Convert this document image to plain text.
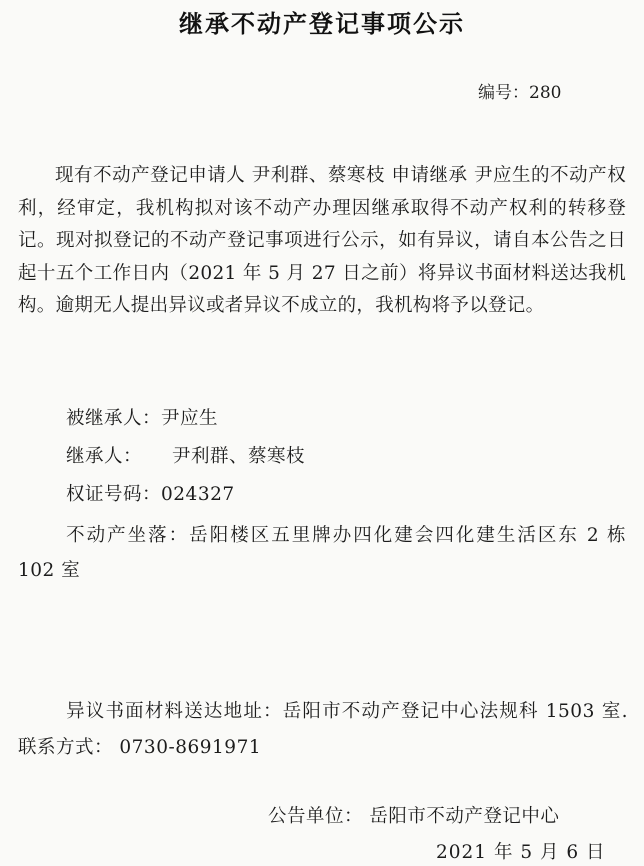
继承不动产登记事项公示
编号：280
现有不动产登记申请人 尹利群、蔡寒枝 申请继承 尹应生的不动产权利，经审定，我机构拟对该不动产办理因继承取得不动产权利的转移登记。现对拟登记的不动产登记事项进行公示，如有异议，请自本公告之日起十五个工作日内（2021 年 5 月 27 日之前）将异议书面材料送达我机构。逾期无人提出异议或者异议不成立的，我机构将予以登记。
被继承人：尹应生
继承人： 尹利群、蔡寒枝
权证号码：024327
不动产坐落：岳阳楼区五里牌办四化建会四化建生活区东 2 栋 102 室
异议书面材料送达地址：岳阳市不动产登记中心法规科 1503 室. 联系方式： 0730-8691971
公告单位： 岳阳市不动产登记中心
2021 年 5 月 6 日
